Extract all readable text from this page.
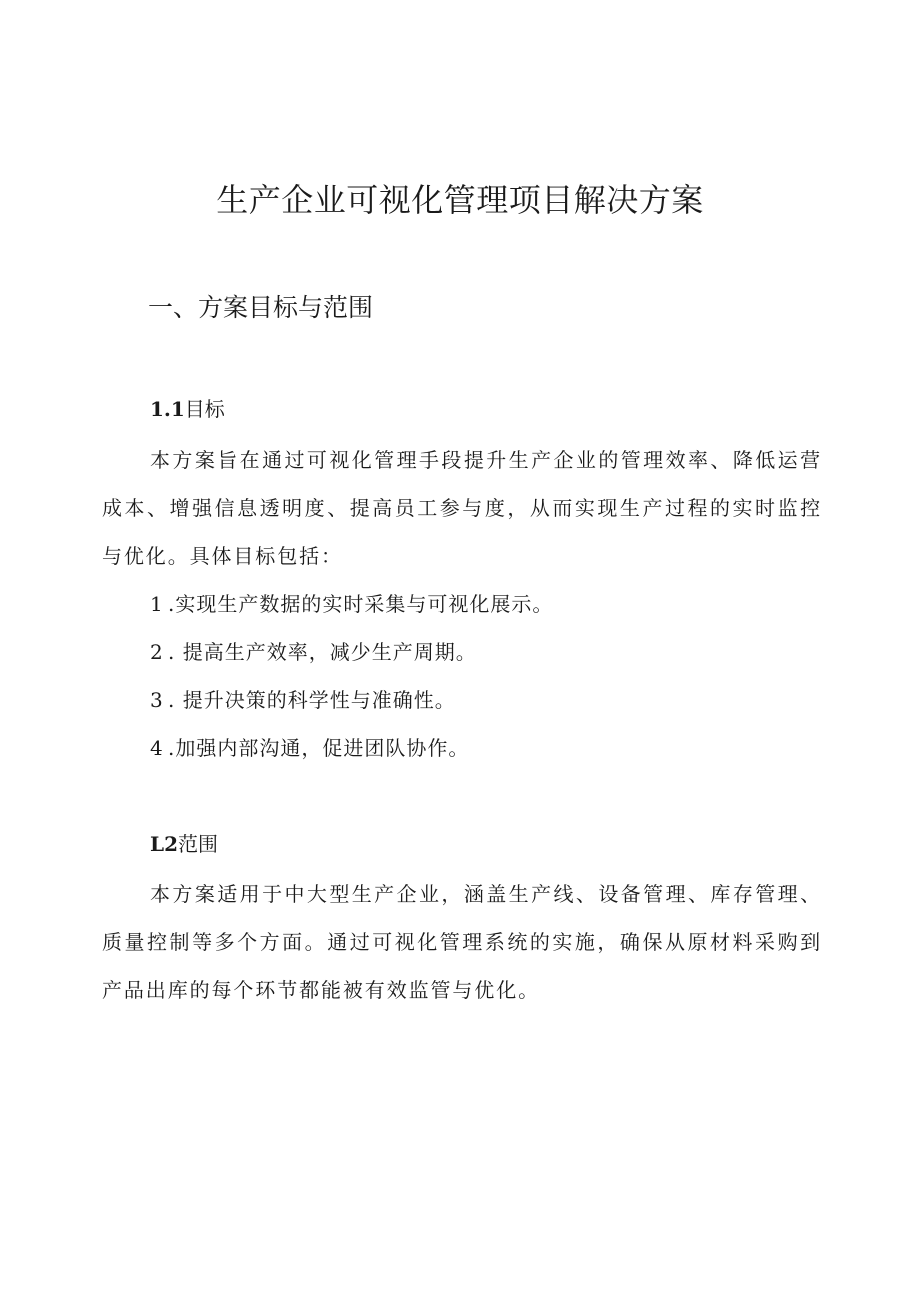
生产企业可视化管理项目解决方案
一、方案目标与范围
1.1目标

本方案旨在通过可视化管理手段提升生产企业的管理效率、降低运营成本、增强信息透明度、提高员工参与度，从而实现生产过程的实时监控与优化。具体目标包括：

1 .实现生产数据的实时采集与可视化展示。

2 . 提高生产效率，减少生产周期。

3 . 提升决策的科学性与准确性。

4 .加强内部沟通，促进团队协作。

L2范围

本方案适用于中大型生产企业，涵盖生产线、设备管理、库存管理、质量控制等多个方面。通过可视化管理系统的实施，确保从原材料采购到产品出库的每个环节都能被有效监管与优化。
